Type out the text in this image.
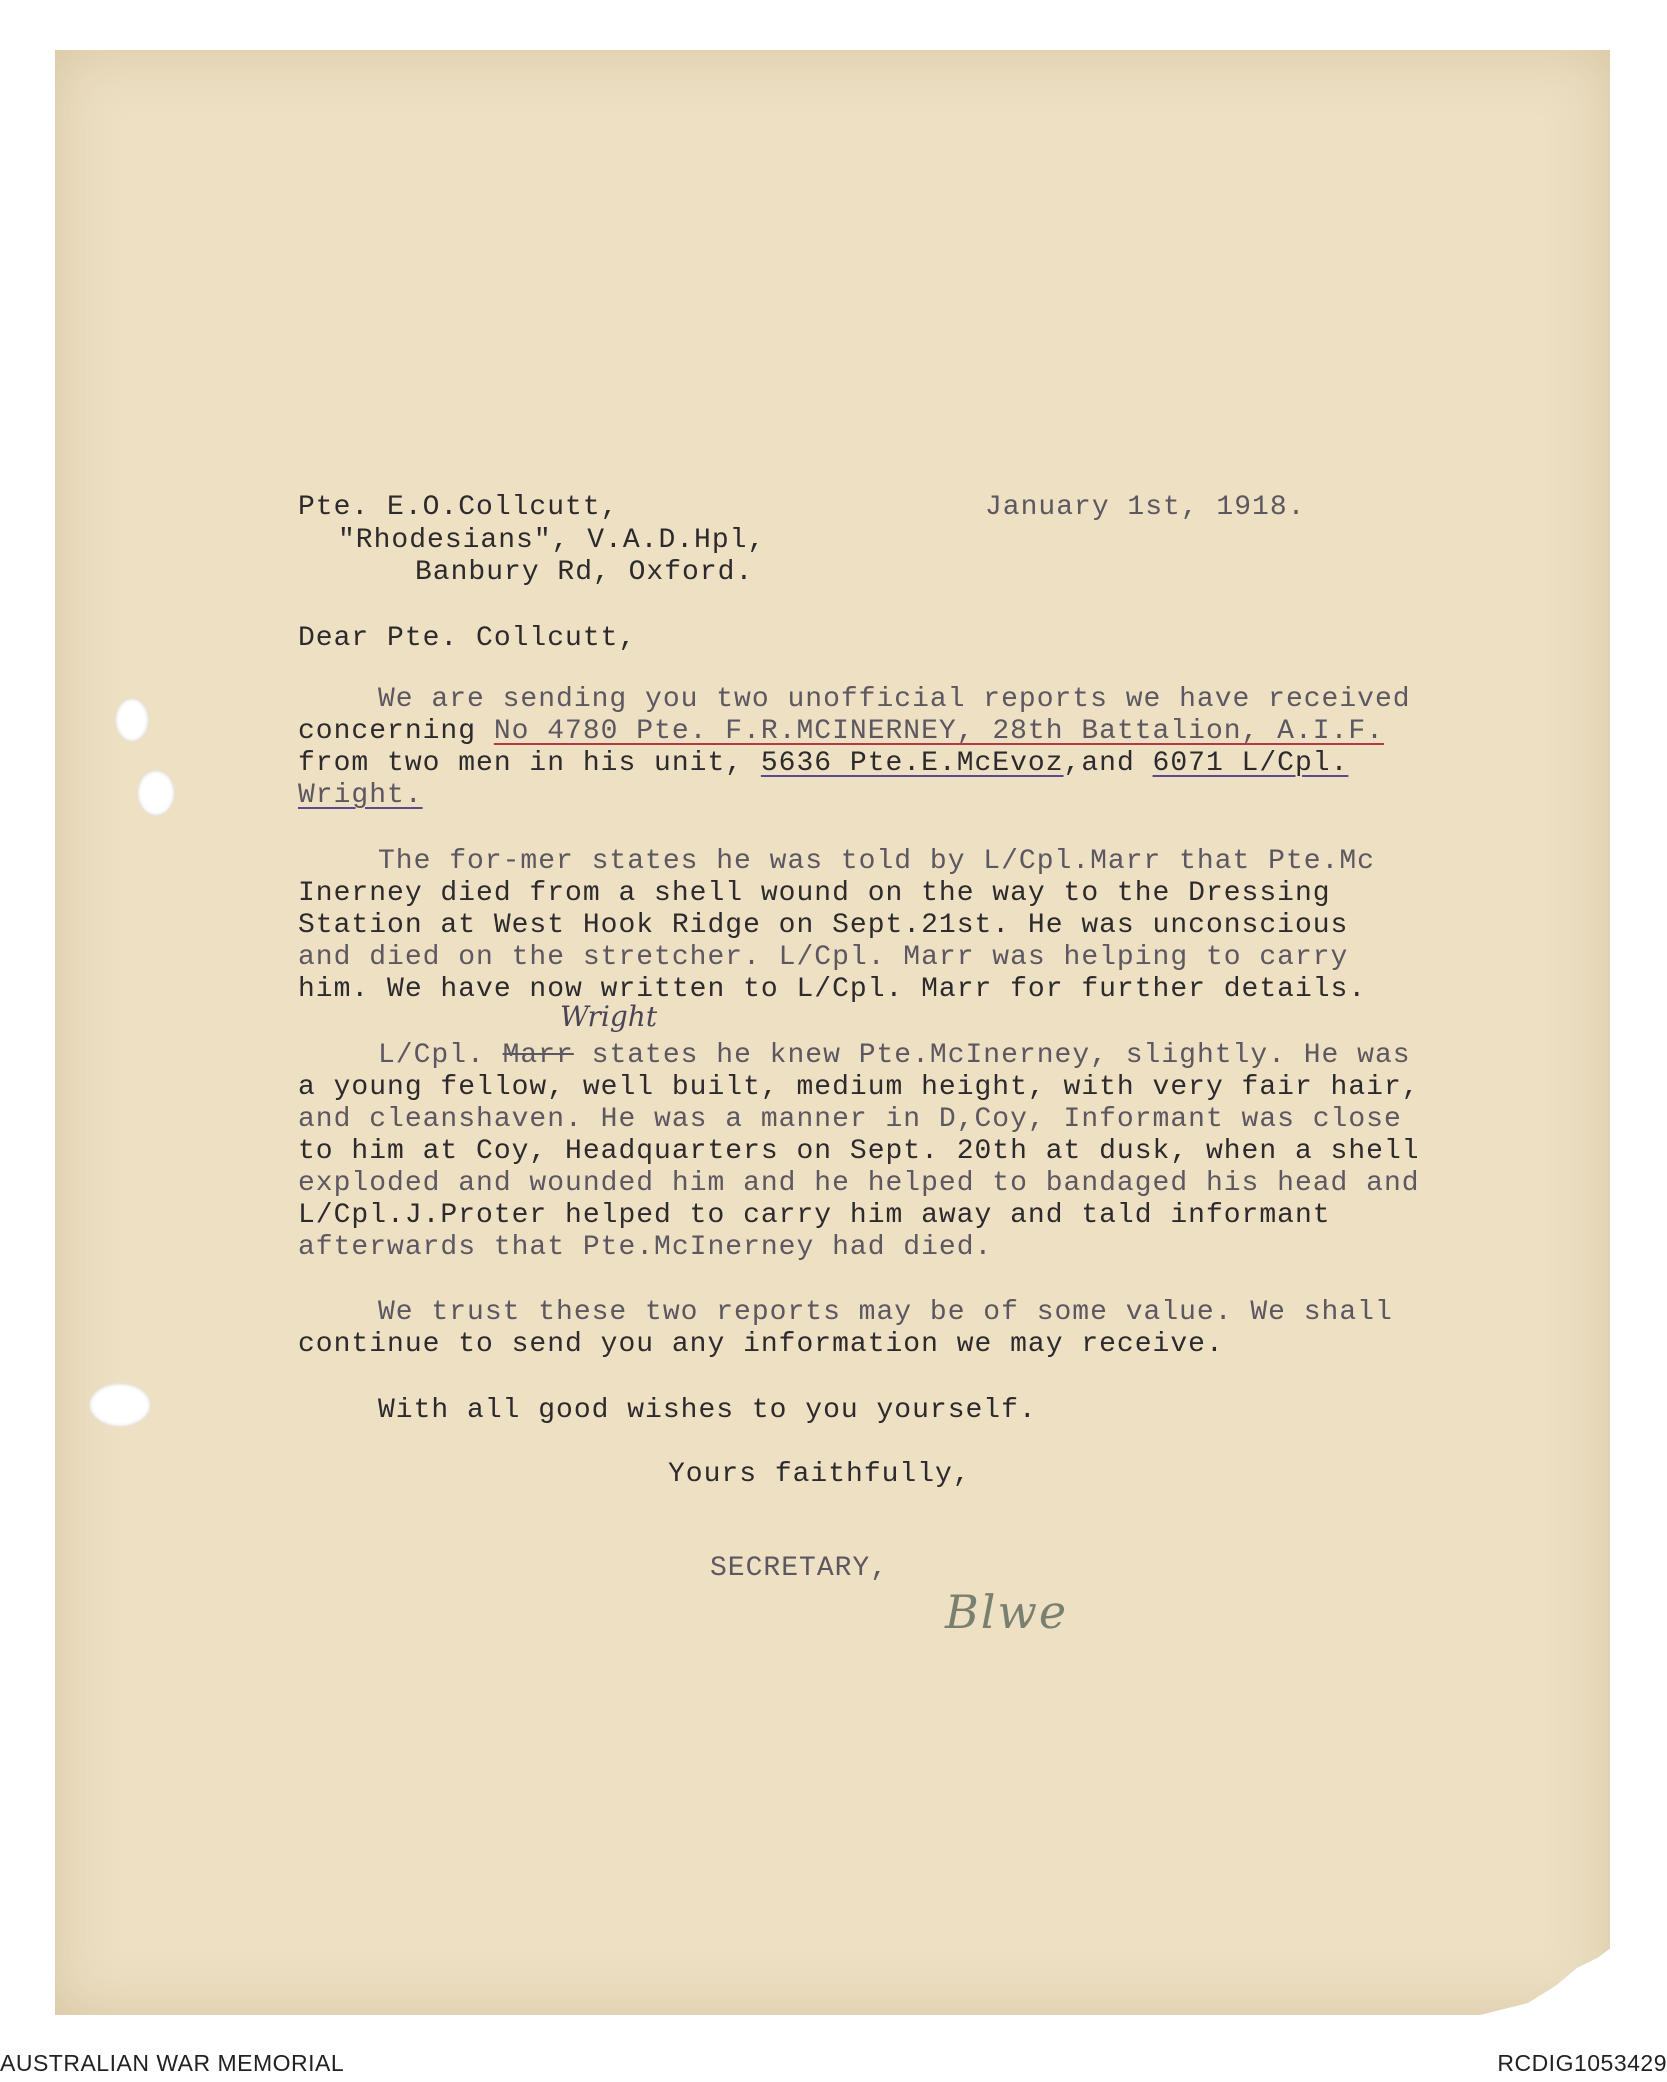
Pte. E.O.Collcutt,
"Rhodesians", V.A.D.Hpl,
Banbury Rd, Oxford.
January 1st, 1918.
Dear Pte. Collcutt,
We are sending you two unofficial reports we have received
concerning No 4780 Pte. F.R.MCINERNEY, 28th Battalion, A.I.F.
from two men in his unit, 5636 Pte.E.McEvoz,and 6071 L/Cpl.
Wright.
The for-mer states he was told by L/Cpl.Marr that Pte.Mc
Inerney died from a shell wound on the way to the Dressing
Station at West Hook Ridge on Sept.21st. He was unconscious
and died on the stretcher. L/Cpl. Marr was helping to carry
him. We have now written to L/Cpl. Marr for further details.
Wright
L/Cpl. Marr states he knew Pte.McInerney, slightly. He was
a young fellow, well built, medium height, with very fair hair,
and cleanshaven. He was a manner in D,Coy, Informant was close
to him at Coy, Headquarters on Sept. 20th at dusk, when a shell
exploded and wounded him and he helped to bandaged his head and
L/Cpl.J.Proter helped to carry him away and tald informant
afterwards that Pte.McInerney had died.
We trust these two reports may be of some value. We shall
continue to send you any information we may receive.
With all good wishes to you yourself.
Yours faithfully,
SECRETARY,
Blwe
AUSTRALIAN WAR MEMORIAL	RCDIG1053429
